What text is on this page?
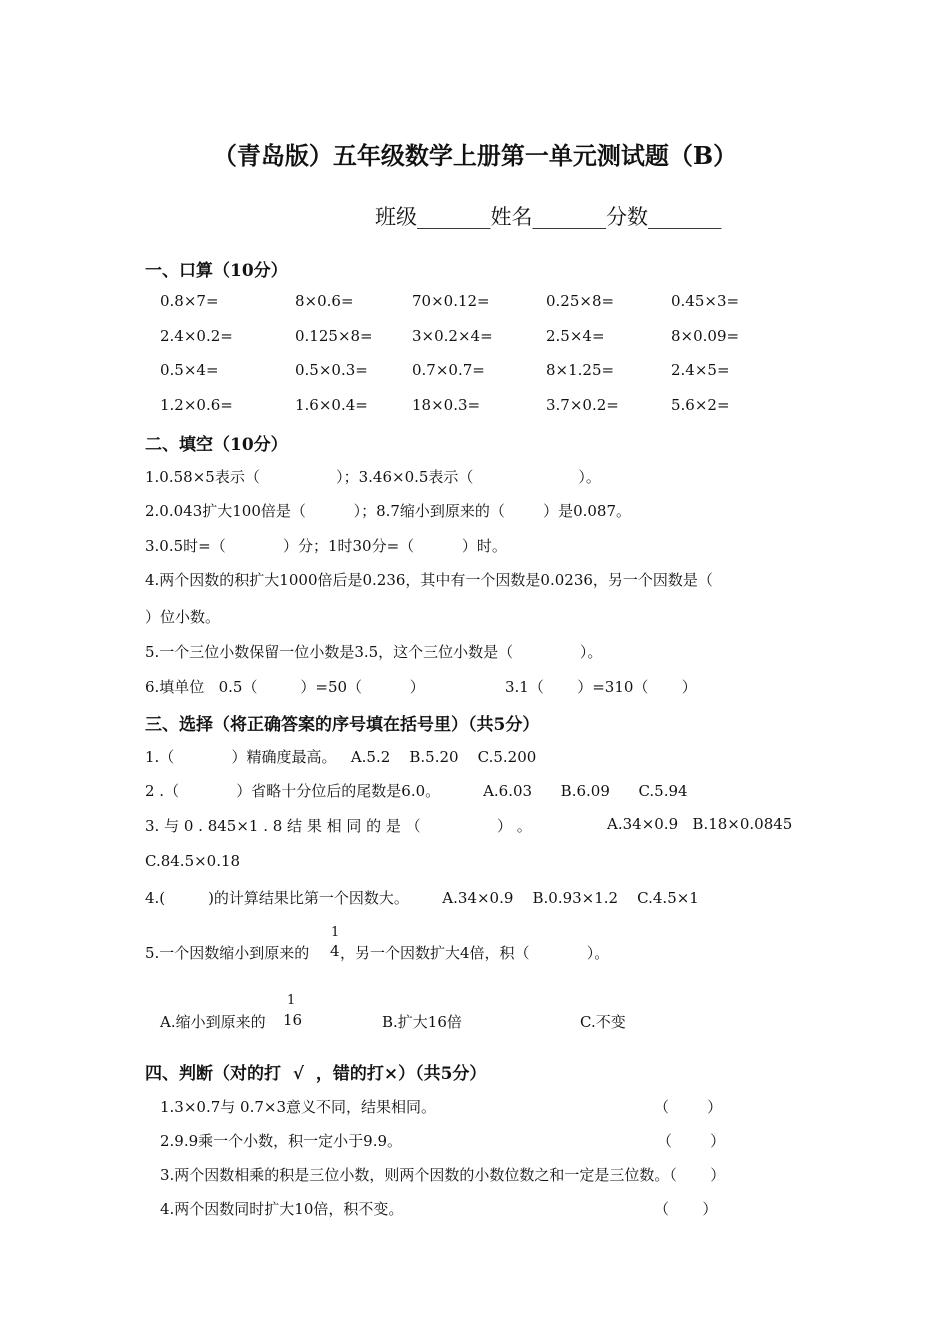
（青岛版）五年级数学上册第一单元测试题（B）
班级_______姓名_______分数_______
一、口算（10分）
0.8×7=	8×0.6=	70×0.12=	0.25×8=	0.45×3=
2.4×0.2=	0.125×8=	3×0.2×4=	2.5×4=	8×0.09=
0.5×4=	0.5×0.3=	0.7×0.7=	8×1.25=	2.4×5=
1.2×0.6=	1.6×0.4=	18×0.3=	3.7×0.2=	5.6×2=
二、填空（10分）
1.0.58×5表示（                ）；3.46×0.5表示（                      ）。
2.0.043扩大100倍是（          ）；8.7缩小到原来的（        ）是0.087。
3.0.5时=（            ）分；1时30分=（          ）时。
4.两个因数的积扩大1000倍后是0.236，其中有一个因数是0.0236，另一个因数是（
）位小数。
5.一个三位小数保留一位小数是3.5，这个三位小数是（              ）。
6.填单位   0.5（         ）=50（          ）	3.1（       ）=310（       ）
三、选择（将正确答案的序号填在括号里）（共5分）
1.（            ）精确度最高。   A.5.2    B.5.20    C.5.200
2 .（            ）省略十分位后的尾数是6.0。         A.6.03      B.6.09      C.5.94
3. 与 0 . 845×1 . 8 结 果 相 同 的 是 （                ） 。	A.34×0.9   B.18×0.0845
C.84.5×0.18
4.(         )的计算结果比第一个因数大。       A.34×0.9    B.0.93×1.2    C.4.5×1
5.一个因数缩小到原来的
1
4 ，另一个因数扩大4倍，积（            ）。
A.缩小到原来的
1
16	B.扩大16倍	C.不变
四、判断（对的打  √  ，错的打×）（共5分）
1.3×0.7与 0.7×3意义不同，结果相同。	（        ）
2.9.9乘一个小数，积一定小于9.9。	（        ）
3.两个因数相乘的积是三位小数，则两个因数的小数位数之和一定是三位数。（       ）
4.两个因数同时扩大10倍，积不变。	（       ）
